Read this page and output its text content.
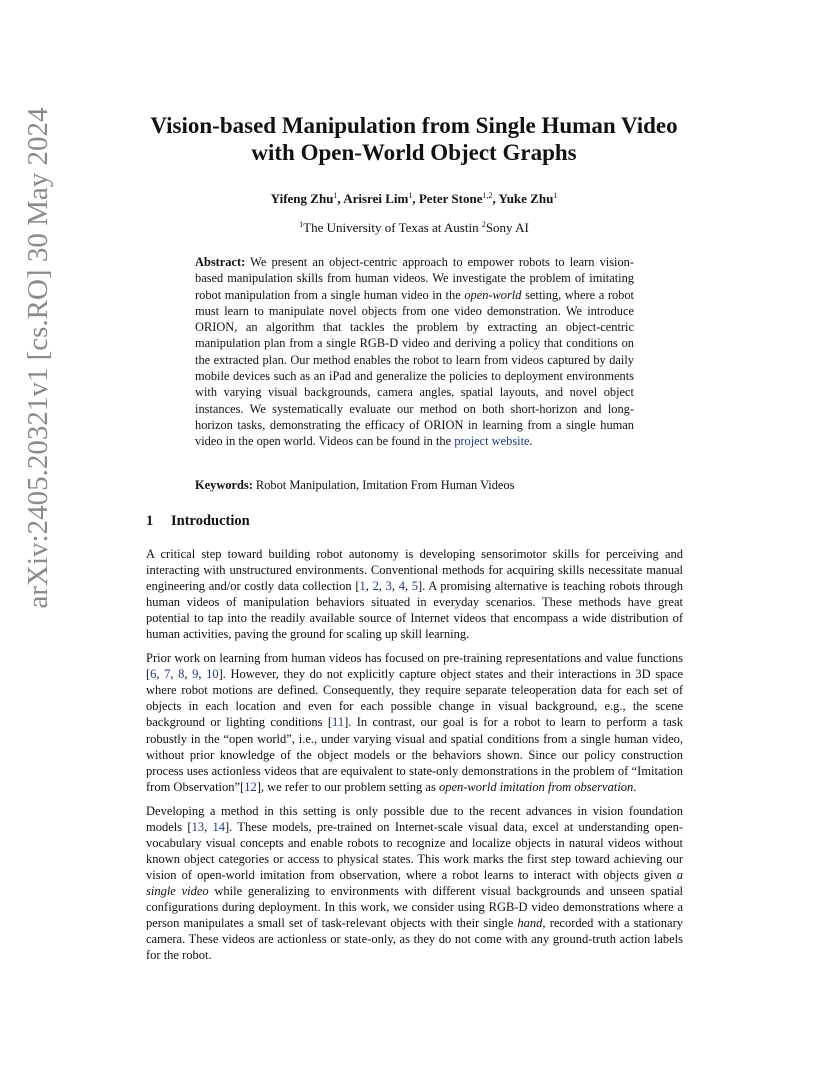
arXiv:2405.20321v1 [cs.RO] 30 May 2024	Vision-based Manipulation from Single Human Video
with Open-World Object Graphs
Yifeng Zhu$^1$, Arisrei Lim$^1$, Peter Stone$^{1,2}$, Yuke Zhu$^1$
$^1$The University of Texas at Austin $^2$Sony AI
Abstract: We present an object-centric approach to empower robots to learn vision-based manipulation skills from human videos. We investigate the problem of imitating robot manipulation from a single human video in the open-world setting, where a robot must learn to manipulate novel objects from one video demonstration. We introduce ORION, an algorithm that tackles the problem by extracting an object-centric manipulation plan from a single RGB-D video and deriving a policy that conditions on the extracted plan. Our method enables the robot to learn from videos captured by daily mobile devices such as an iPad and generalize the policies to deployment environments with varying visual backgrounds, camera angles, spatial layouts, and novel object instances. We systematically evaluate our method on both short-horizon and long-horizon tasks, demonstrating the efficacy of ORION in learning from a single human video in the open world. Videos can be found in the project website.
Keywords: Robot Manipulation, Imitation From Human Videos
1 Introduction

A critical step toward building robot autonomy is developing sensorimotor skills for perceiving and interacting with unstructured environments. Conventional methods for acquiring skills necessitate manual engineering and/or costly data collection [1, 2, 3, 4, 5]. A promising alternative is teaching robots through human videos of manipulation behaviors situated in everyday scenarios. These methods have great potential to tap into the readily available source of Internet videos that encompass a wide distribution of human activities, paving the ground for scaling up skill learning.

Prior work on learning from human videos has focused on pre-training representations and value functions [6, 7, 8, 9, 10]. However, they do not explicitly capture object states and their interactions in 3D space where robot motions are defined. Consequently, they require separate teleoperation data for each set of objects in each location and even for each possible change in visual background, e.g., the scene background or lighting conditions [11]. In contrast, our goal is for a robot to learn to perform a task robustly in the “open world”, i.e., under varying visual and spatial conditions from a single human video, without prior knowledge of the object models or the behaviors shown. Since our policy construction process uses actionless videos that are equivalent to state-only demonstrations in the problem of “Imitation from Observation”[12], we refer to our problem setting as open-world imitation from observation.

Developing a method in this setting is only possible due to the recent advances in vision foundation models [13, 14]. These models, pre-trained on Internet-scale visual data, excel at understanding open-vocabulary visual concepts and enable robots to recognize and localize objects in natural videos without known object categories or access to physical states. This work marks the first step toward achieving our vision of open-world imitation from observation, where a robot learns to interact with objects given a single video while generalizing to environments with different visual backgrounds and unseen spatial configurations during deployment. In this work, we consider using RGB-D video demonstrations where a person manipulates a small set of task-relevant objects with their single hand, recorded with a stationary camera. These videos are actionless or state-only, as they do not come with any ground-truth action labels for the robot.
